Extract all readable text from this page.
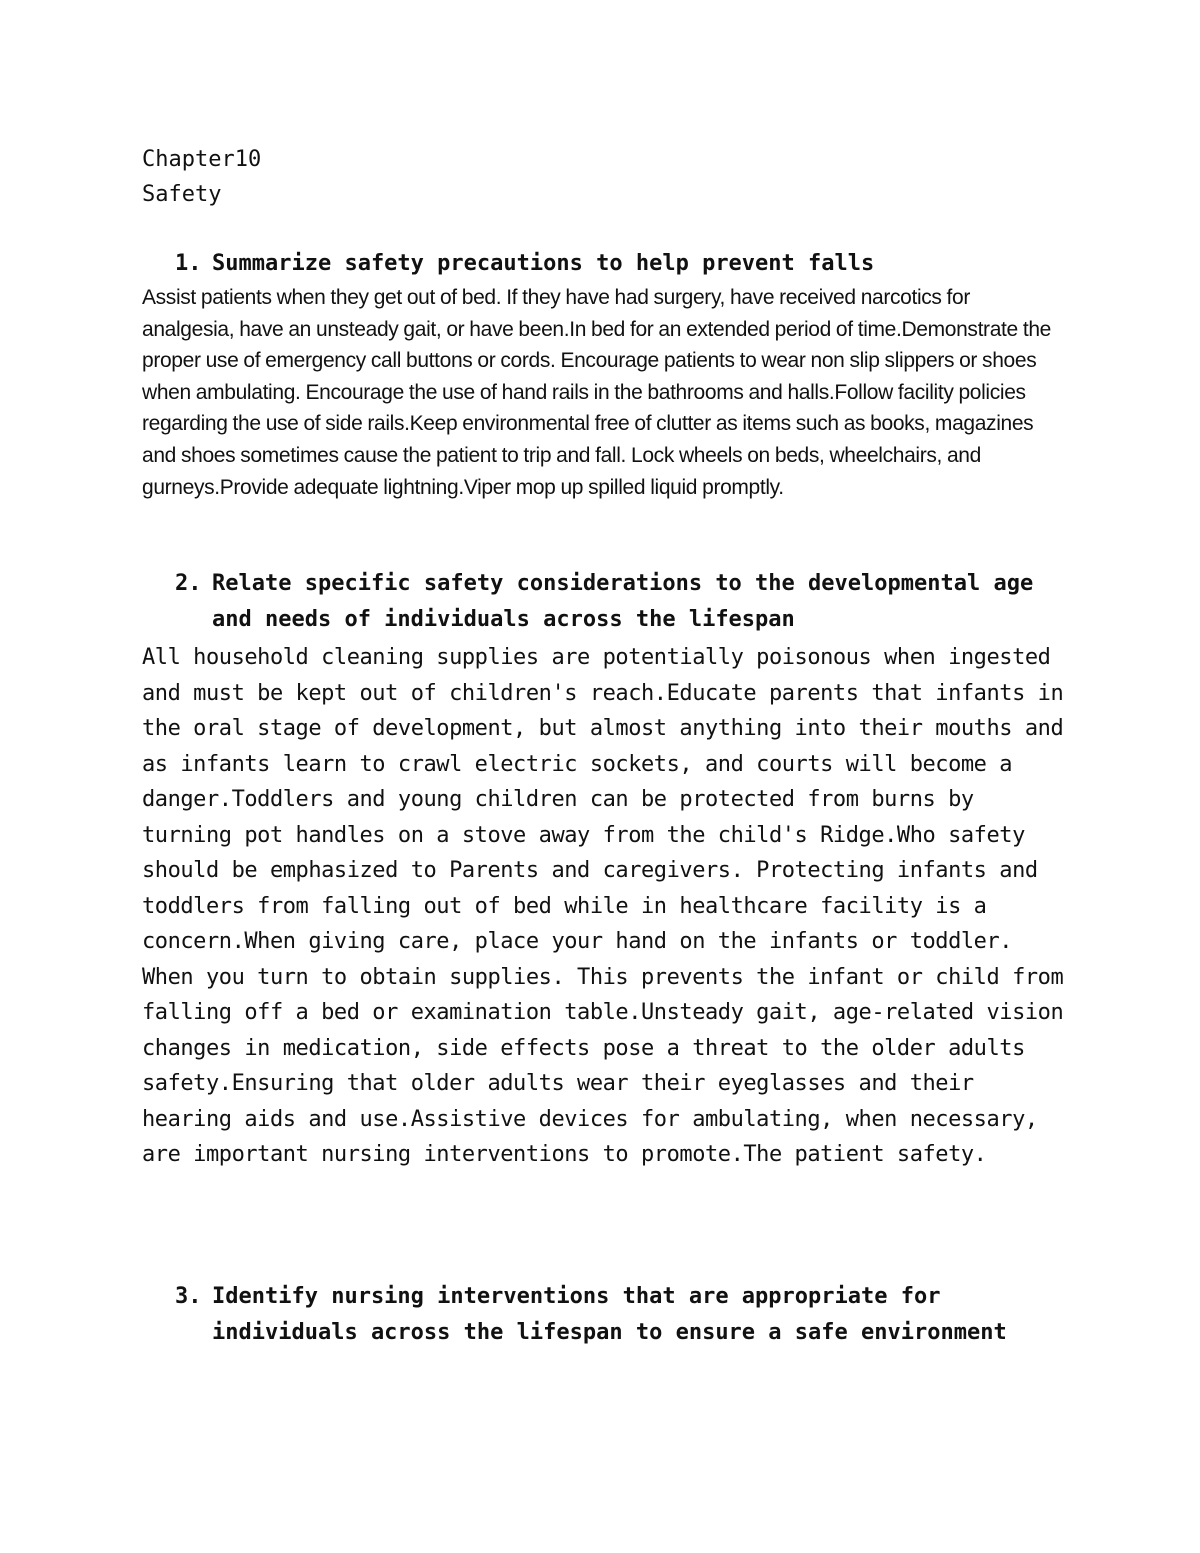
Chapter10
Safety
1. Summarize safety precautions to help prevent falls

Assist patients when they get out of bed. If they have had surgery, have received narcotics for analgesia, have an unsteady gait, or have been.In bed for an extended period of time.Demonstrate the proper use of emergency call buttons or cords. Encourage patients to wear non slip slippers or shoes when ambulating. Encourage the use of hand rails in the bathrooms and halls.Follow facility policies regarding the use of side rails.Keep environmental free of clutter as items such as books, magazines and shoes sometimes cause the patient to trip and fall. Lock wheels on beds, wheelchairs, and gurneys.Provide adequate lightning.Viper mop up spilled liquid promptly.

2. Relate specific safety considerations to the developmental age and needs of individuals across the lifespan

All household cleaning supplies are potentially poisonous when ingested and must be kept out of children's reach.Educate parents that infants in the oral stage of development, but almost anything into their mouths and as infants learn to crawl electric sockets, and courts will become a danger.Toddlers and young children can be protected from burns by turning pot handles on a stove away from the child's Ridge.Who safety should be emphasized to Parents and caregivers. Protecting infants and toddlers from falling out of bed while in healthcare facility is a concern.When giving care, place your hand on the infants or toddler. When you turn to obtain supplies. This prevents the infant or child from falling off a bed or examination table.Unsteady gait, age-related vision changes in medication, side effects pose a threat to the older adults safety.Ensuring that older adults wear their eyeglasses and their hearing aids and use.Assistive devices for ambulating, when necessary, are important nursing interventions to promote.The patient safety.

3. Identify nursing interventions that are appropriate for individuals across the lifespan to ensure a safe environment
